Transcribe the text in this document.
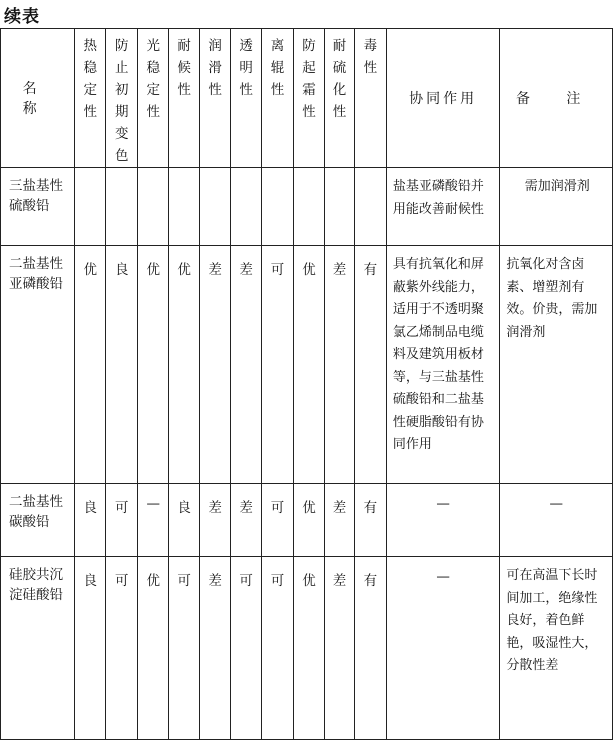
续表
名 称	热稳定性	防止初期变色	光稳定性	耐候性	润滑性	透明性	离辊性	防起霜性	耐硫化性	毒性	协同作用	备 注
三盐基性硫酸铅											盐基亚磷酸铅并用能改善耐候性	需加润滑剂
二盐基性亚磷酸铅	优	良	优	优	差	差	可	优	差	有	具有抗氧化和屏蔽紫外线能力，适用于不透明聚氯乙烯制品电缆料及建筑用板材等，与三盐基性硫酸铅和二盐基性硬脂酸铅有协同作用	抗氧化对含卤素、增塑剂有效。价贵，需加润滑剂
二盐基性碳酸铅	良	可	—	良	差	差	可	优	差	有	—	—
硅胶共沉淀硅酸铅	良	可	优	可	差	可	可	优	差	有	—	可在高温下长时间加工，绝缘性良好，着色鲜艳，吸湿性大，分散性差
